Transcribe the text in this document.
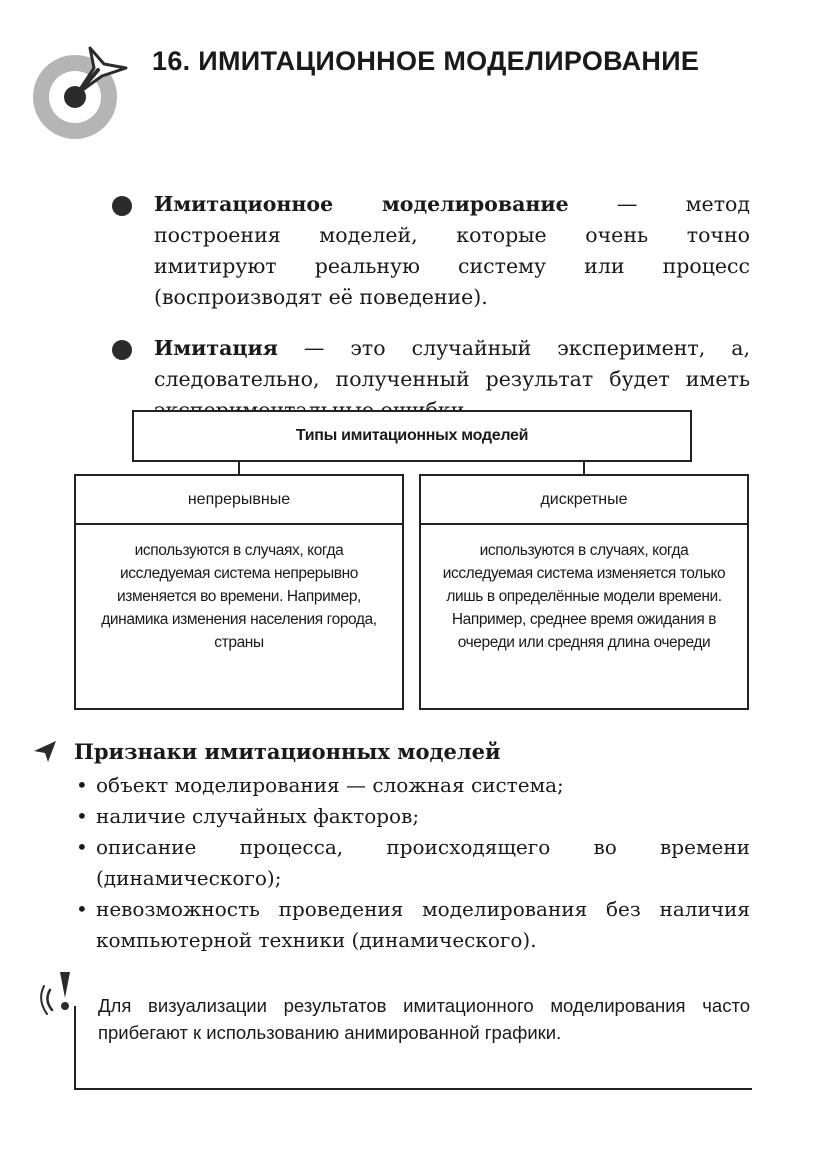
16. ИМИТАЦИОННОЕ МОДЕЛИРОВАНИЕ

Имитационное моделирование — метод построения моделей, которые очень точно имитируют реальную систему или процесс (воспроизводят её поведение).

Имитация — это случайный эксперимент, а, следовательно, полученный результат будет иметь

Типы имитационных моделей
непрерывные
используются в случаях, когда исследуемая система непрерывно изменяется во времени. Например, динамика изменения населения города, страны
дискретные
используются в случаях, когда исследуемая система изменяется только лишь в определённые модели времени. Например, среднее время ожидания в очереди или средняя длина очереди
Признаки имитационных моделей
• объект моделирования — сложная система;
• наличие случайных факторов;
• описание процесса, происходящего во времени (динамического);
• невозможность проведения моделирования без наличия компьютерной техники (динамического).

Для визуализации результатов имитационного моделирования часто прибегают к использованию анимированной графики.
